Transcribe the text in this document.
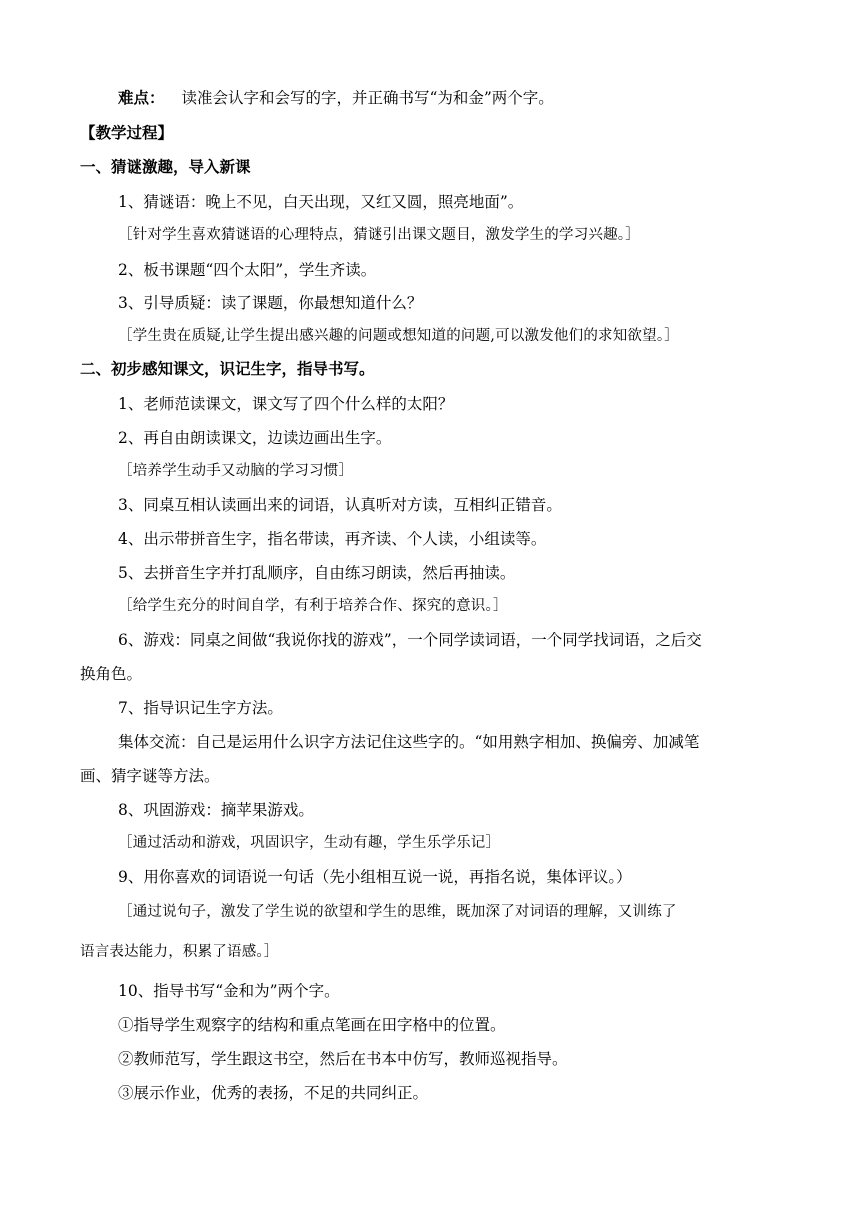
难点： 读准会认字和会写的字，并正确书写“为和金”两个字。
【教学过程】
一、猜谜激趣，导入新课
1、猜谜语：晚上不见，白天出现，又红又圆，照亮地面”。
［针对学生喜欢猜谜语的心理特点，猜谜引出课文题目，激发学生的学习兴趣。］
2、板书课题“四个太阳”，学生齐读。
3、引导质疑：读了课题，你最想知道什么？
［学生贵在质疑,让学生提出感兴趣的问题或想知道的问题,可以激发他们的求知欲望。］
二、初步感知课文，识记生字，指导书写。
1、老师范读课文，课文写了四个什么样的太阳？
2、再自由朗读课文，边读边画出生字。
［培养学生动手又动脑的学习习惯］
3、同桌互相认读画出来的词语，认真听对方读，互相纠正错音。
4、出示带拼音生字，指名带读，再齐读、个人读，小组读等。
5、去拼音生字并打乱顺序，自由练习朗读，然后再抽读。
［给学生充分的时间自学，有利于培养合作、探究的意识。］
6、游戏：同桌之间做“我说你找的游戏”，一个同学读词语，一个同学找词语，之后交
换角色。
7、指导识记生字方法。
集体交流：自己是运用什么识字方法记住这些字的。“如用熟字相加、换偏旁、加减笔
画、猜字谜等方法。
8、巩固游戏：摘苹果游戏。
［通过活动和游戏，巩固识字，生动有趣，学生乐学乐记］
9、用你喜欢的词语说一句话（先小组相互说一说，再指名说，集体评议。）
［通过说句子，激发了学生说的欲望和学生的思维，既加深了对词语的理解，又训练了
语言表达能力，积累了语感。］
10、指导书写“金和为”两个字。
①指导学生观察字的结构和重点笔画在田字格中的位置。
②教师范写，学生跟这书空，然后在书本中仿写，教师巡视指导。
③展示作业，优秀的表扬，不足的共同纠正。
